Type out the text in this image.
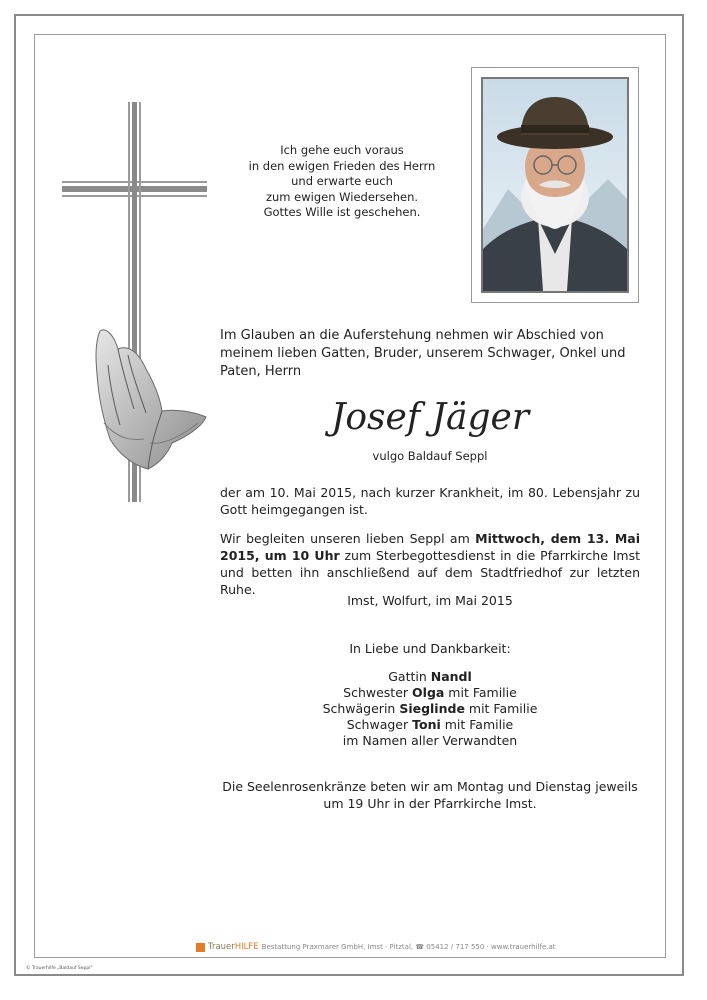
Ich gehe euch voraus
in den ewigen Frieden des Herrn
und erwarte euch
zum ewigen Wiedersehen.
Gottes Wille ist geschehen.
Im Glauben an die Auferstehung nehmen wir Abschied von meinem lieben Gatten, Bruder, unserem Schwager, Onkel und Paten, Herrn
Josef Jäger
vulgo Baldauf Seppl
der am 10. Mai 2015, nach kurzer Krankheit, im 80. Lebensjahr zu Gott heimgegangen ist.
Wir begleiten unseren lieben Seppl am Mittwoch, dem 13. Mai 2015, um 10 Uhr zum Sterbegottesdienst in die Pfarrkirche Imst und betten ihn anschließend auf dem Stadtfriedhof zur letzten Ruhe.
Imst, Wolfurt, im Mai 2015
In Liebe und Dankbarkeit:
Gattin Nandl
Schwester Olga mit Familie
Schwägerin Sieglinde mit Familie
Schwager Toni mit Familie
im Namen aller Verwandten
Die Seelenrosenkränze beten wir am Montag und Dienstag jeweils um 19 Uhr in der Pfarrkirche Imst.
Trauer HILFE Bestattung Praxmarer GmbH, Imst · Pitztal, ☎ 05412 / 717 550 · www.trauerhilfe.at
© Trauerhilfe „Baldauf Seppl"
